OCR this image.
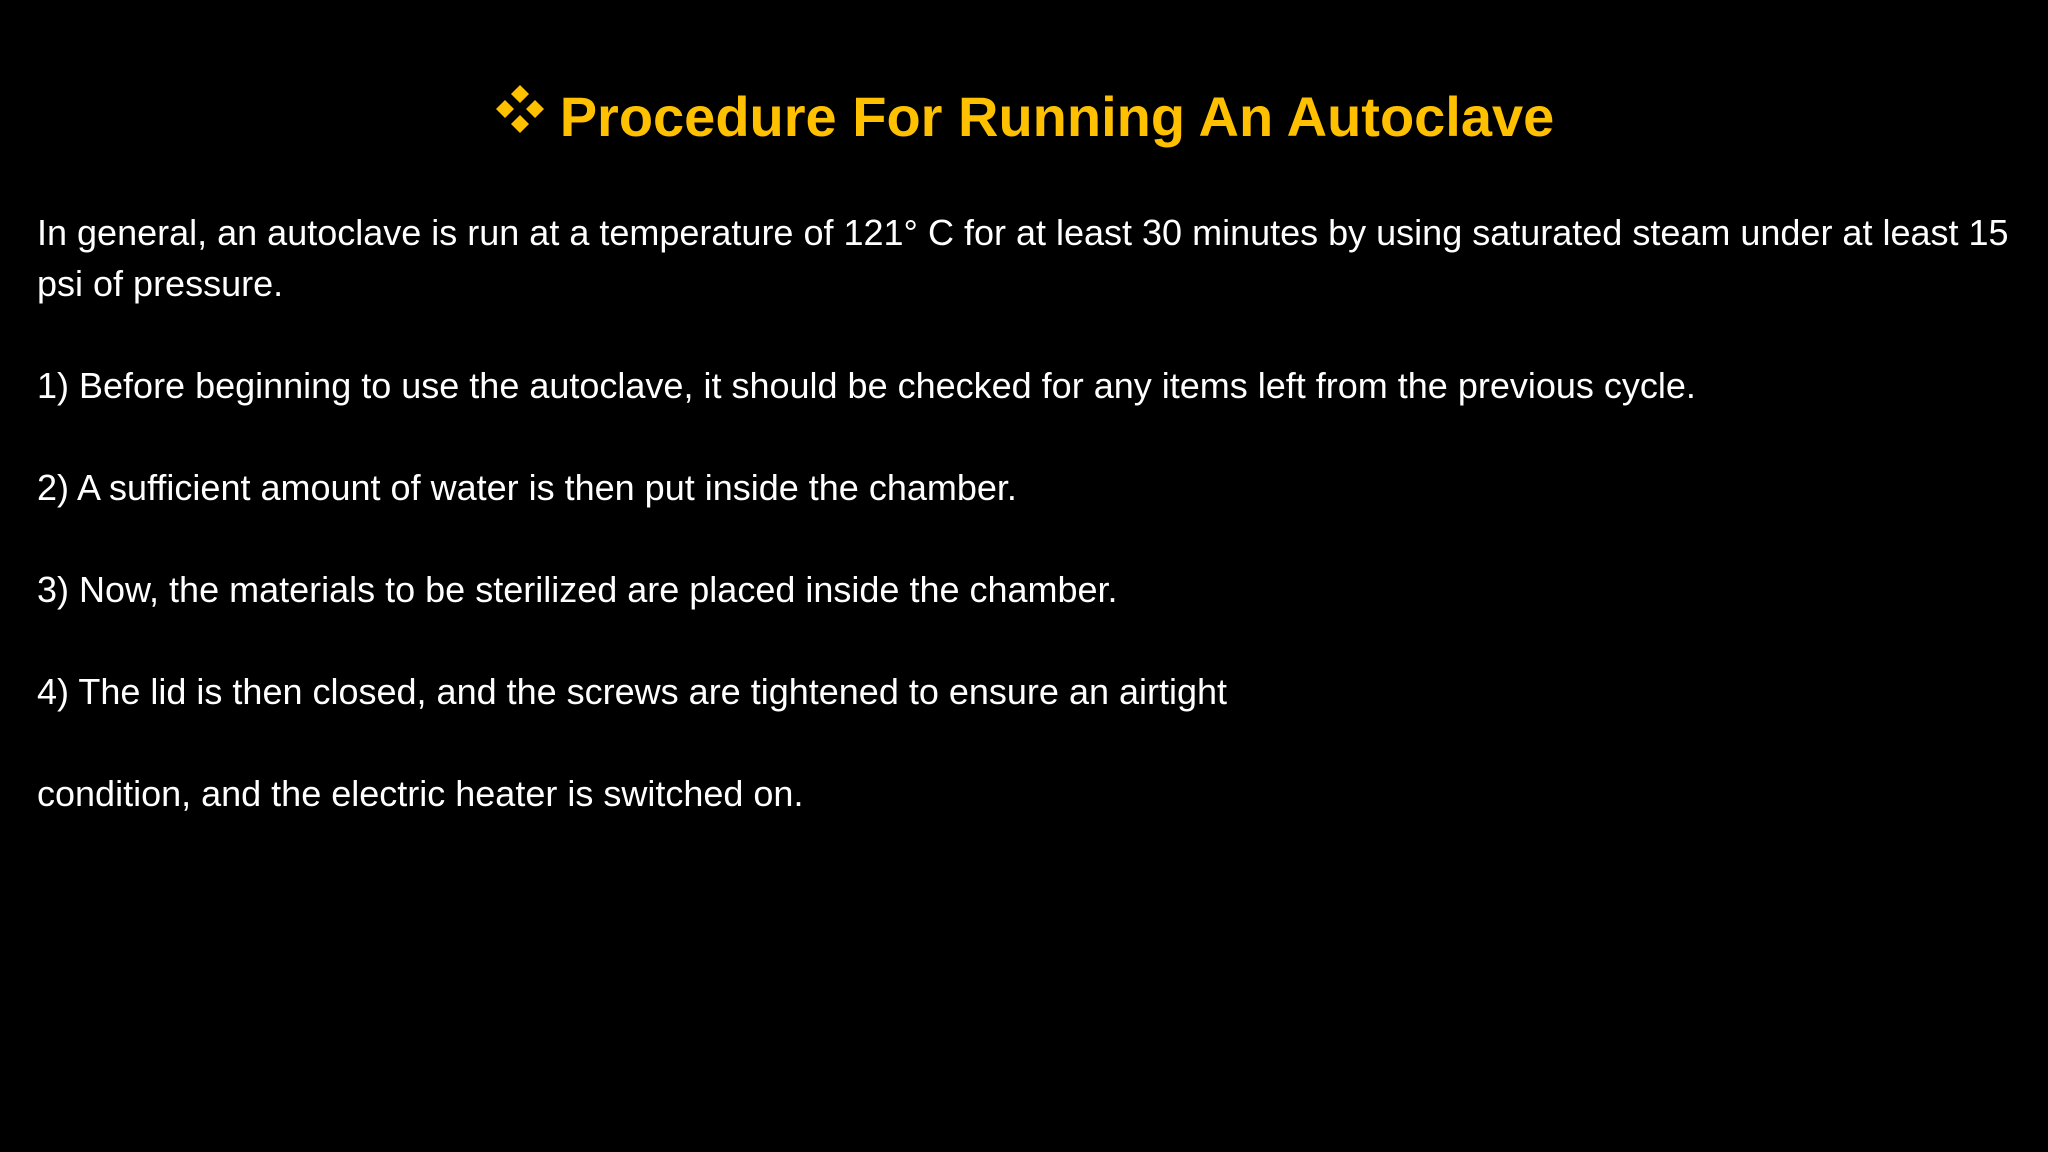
Procedure For Running An Autoclave

In general, an autoclave is run at a temperature of 121° C for at least 30 minutes by using saturated steam under at least 15 psi of pressure.

1) Before beginning to use the autoclave, it should be checked for any items left from the previous cycle.

2) A sufficient amount of water is then put inside the chamber.

3) Now, the materials to be sterilized are placed inside the chamber.

4) The lid is then closed, and the screws are tightened to ensure an airtight

condition, and the electric heater is switched on.
